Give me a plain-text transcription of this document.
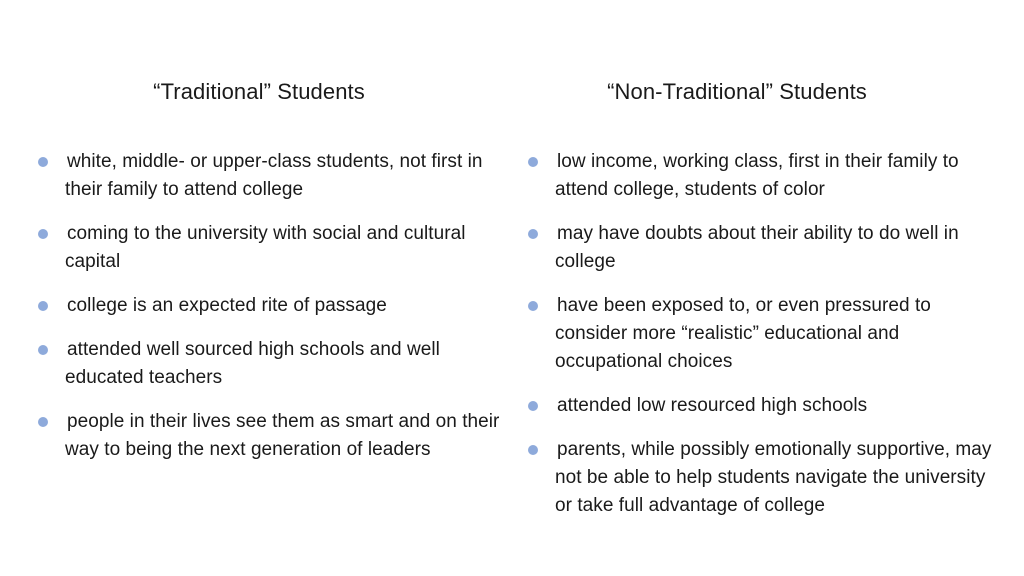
“Traditional” Students
white, middle- or upper-class students, not first in their family to attend college
coming to the university with social and cultural capital
college is an expected rite of passage
attended well sourced high schools and well educated teachers
people in their lives see them as smart and on their way to being the next generation of leaders
“Non-Traditional” Students
low income, working class, first in their family to attend college, students of color
may have doubts about their ability to do well in college
have been exposed to, or even pressured to consider more “realistic” educational and occupational choices
attended low resourced high schools
parents, while possibly emotionally supportive, may not be able to help students navigate the university or take full advantage of college
